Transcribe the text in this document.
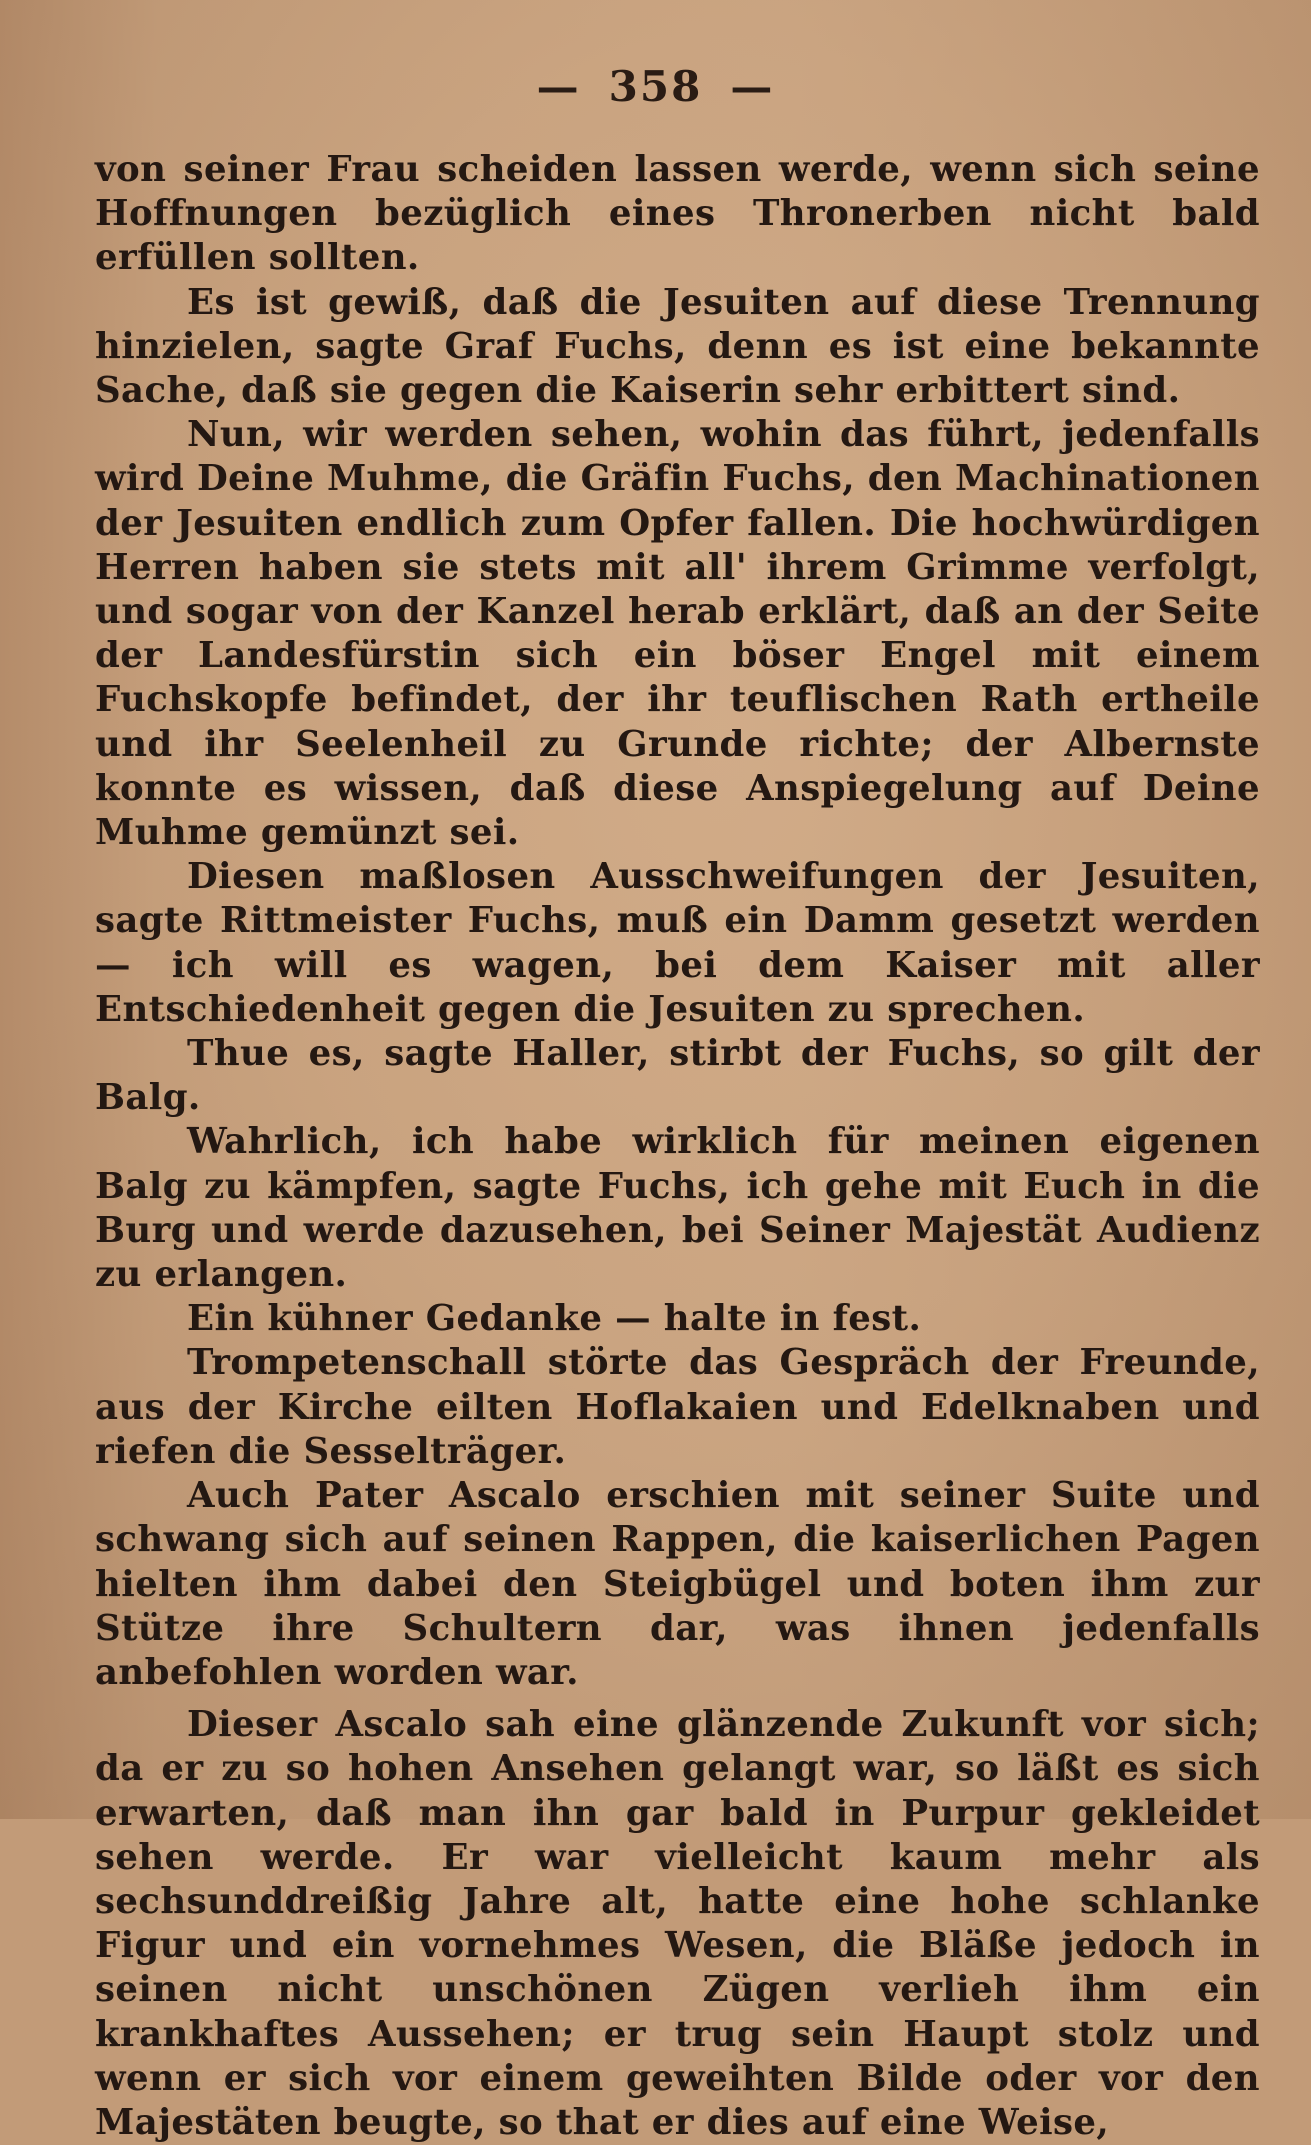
— 358 —

von seiner Frau scheiden lassen werde, wenn sich seine Hoffnungen bezüglich eines Thronerben nicht bald erfüllen sollten.

Es ist gewiß, daß die Jesuiten auf diese Trennung hinzielen, sagte Graf Fuchs, denn es ist eine bekannte Sache, daß sie gegen die Kaiserin sehr erbittert sind.

Nun, wir werden sehen, wohin das führt, jedenfalls wird Deine Muhme, die Gräfin Fuchs, den Machinationen der Jesuiten endlich zum Opfer fallen. Die hochwürdigen Herren haben sie stets mit all' ihrem Grimme verfolgt, und sogar von der Kanzel herab erklärt, daß an der Seite der Landesfürstin sich ein böser Engel mit einem Fuchskopfe befindet, der ihr teuflischen Rath ertheile und ihr Seelenheil zu Grunde richte; der Albernste konnte es wissen, daß diese Anspiegelung auf Deine Muhme gemünzt sei.

Diesen maßlosen Ausschweifungen der Jesuiten, sagte Rittmeister Fuchs, muß ein Damm gesetzt werden — ich will es wagen, bei dem Kaiser mit aller Entschiedenheit gegen die Jesuiten zu sprechen.

Thue es, sagte Haller, stirbt der Fuchs, so gilt der Balg.

Wahrlich, ich habe wirklich für meinen eigenen Balg zu kämpfen, sagte Fuchs, ich gehe mit Euch in die Burg und werde dazusehen, bei Seiner Majestät Audienz zu erlangen.

Ein kühner Gedanke — halte in fest.

Trompetenschall störte das Gespräch der Freunde, aus der Kirche eilten Hoflakaien und Edelknaben und riefen die Sesselträger.

Auch Pater Ascalo erschien mit seiner Suite und schwang sich auf seinen Rappen, die kaiserlichen Pagen hielten ihm dabei den Steigbügel und boten ihm zur Stütze ihre Schultern dar, was ihnen jedenfalls anbefohlen worden war.

Dieser Ascalo sah eine glänzende Zukunft vor sich; da er zu so hohen Ansehen gelangt war, so läßt es sich erwarten, daß man ihn gar bald in Purpur gekleidet sehen werde. Er war vielleicht kaum mehr als sechsunddreißig Jahre alt, hatte eine hohe schlanke Figur und ein vornehmes Wesen, die Bläße jedoch in seinen nicht unschönen Zügen verlieh ihm ein krankhaftes Aussehen; er trug sein Haupt stolz und wenn er sich vor einem geweihten Bilde oder vor den Majestäten beugte, so that er dies auf eine Weise,
